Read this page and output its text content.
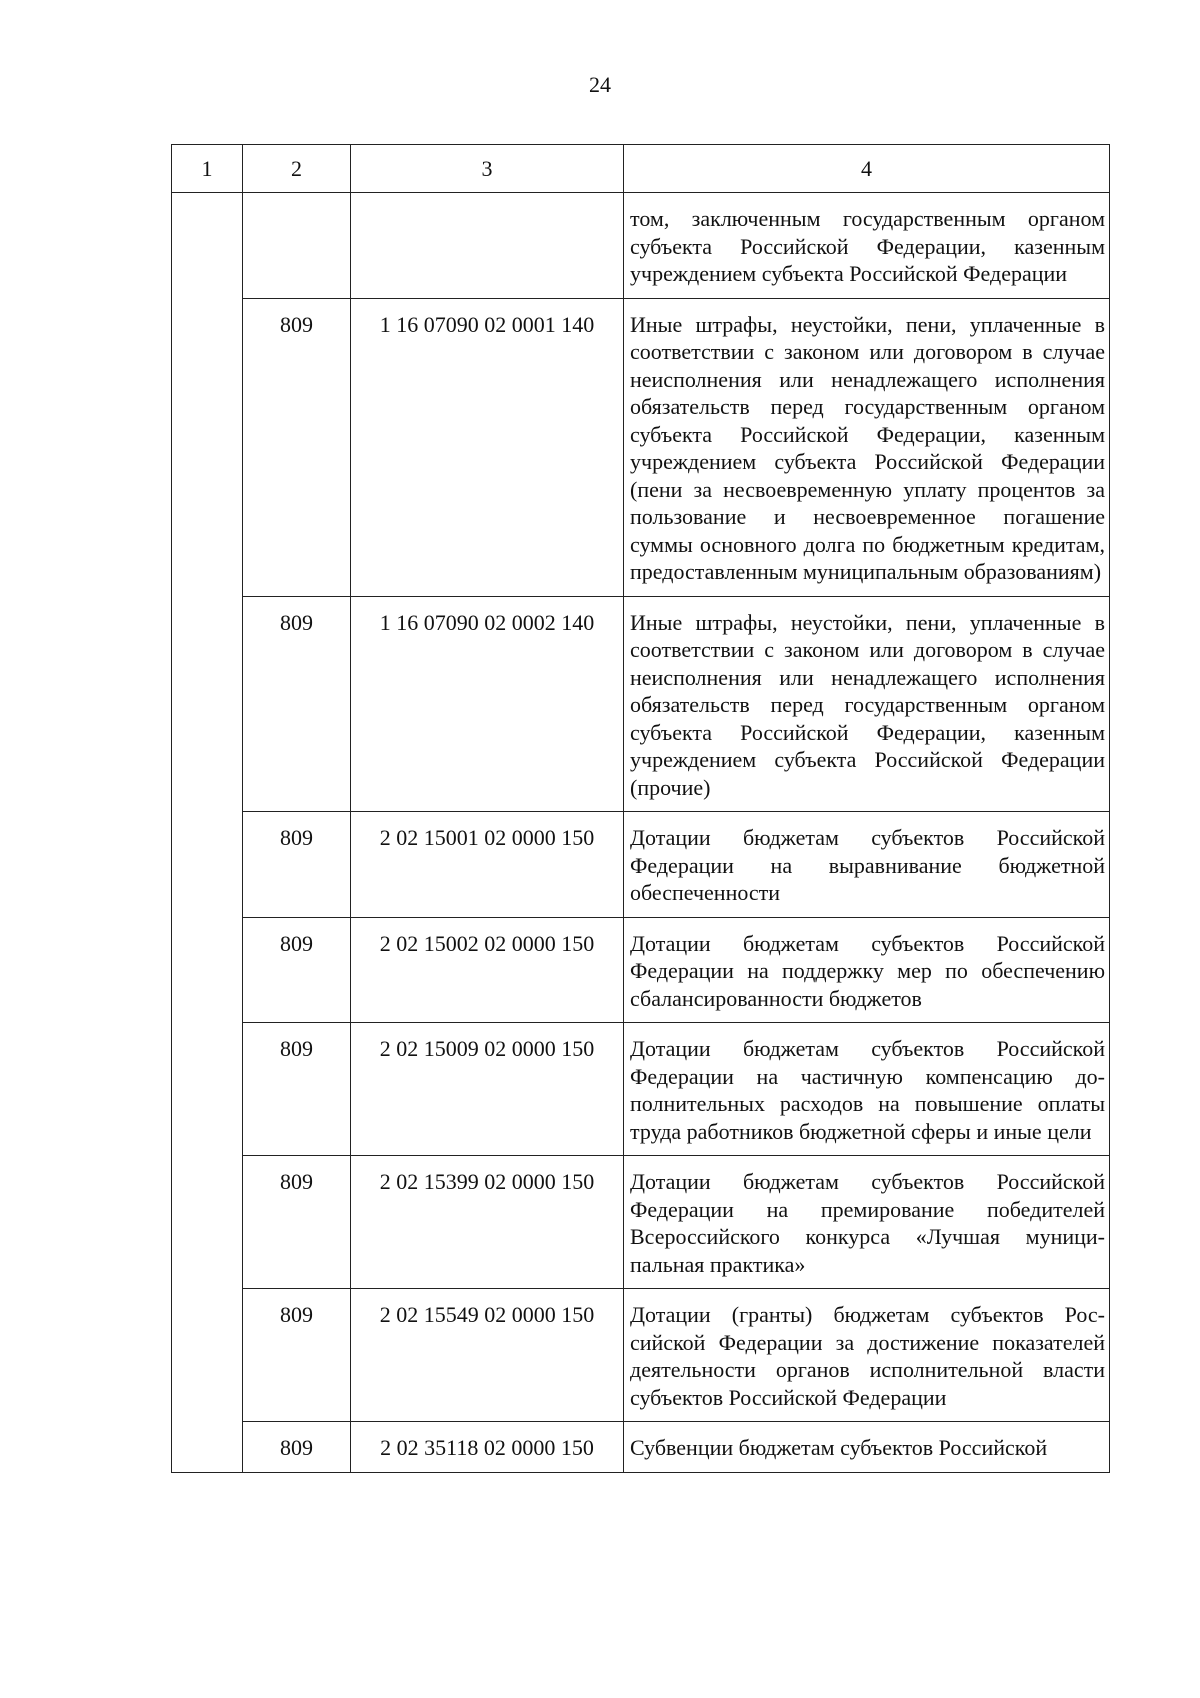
24
1	2	3	4
			том, заключенным государственным органом субъекта Российской Федерации, казенным учреждением субъекта Российской Федерации
	809	1 16 07090 02 0001 140	Иные штрафы, неустойки, пени, уплаченные в соответствии с законом или договором в случае неисполнения или ненадлежащего исполнения обязательств перед государственным органом субъекта Российской Федерации, казенным учреждением субъекта Российской Федерации (пени за несвоевременную уплату процентов за пользование и несвоевременное погашение суммы основного долга по бюджетным кредитам, предоставленным муниципальным образованиям)
	809	1 16 07090 02 0002 140	Иные штрафы, неустойки, пени, уплаченные в соответствии с законом или договором в случае неисполнения или ненадлежащего исполнения обязательств перед государственным органом субъекта Российской Федерации, казенным учреждением субъекта Российской Федерации (прочие)
	809	2 02 15001 02 0000 150	Дотации бюджетам субъектов Российской Федерации на выравнивание бюджетной обеспеченности
	809	2 02 15002 02 0000 150	Дотации бюджетам субъектов Российской Федерации на поддержку мер по обеспечению сбалансированности бюджетов
	809	2 02 15009 02 0000 150	Дотации бюджетам субъектов Российской Федерации на частичную компенсацию дополнительных расходов на повышение оплаты труда работников бюджетной сферы и иные цели
	809	2 02 15399 02 0000 150	Дотации бюджетам субъектов Российской Федерации на премирование победителей Всероссийского конкурса «Лучшая муниципальная практика»
	809	2 02 15549 02 0000 150	Дотации (гранты) бюджетам субъектов Российской Федерации за достижение показателей деятельности органов исполнительной власти субъектов Российской Федерации
	809	2 02 35118 02 0000 150	Субвенции бюджетам субъектов Российской
